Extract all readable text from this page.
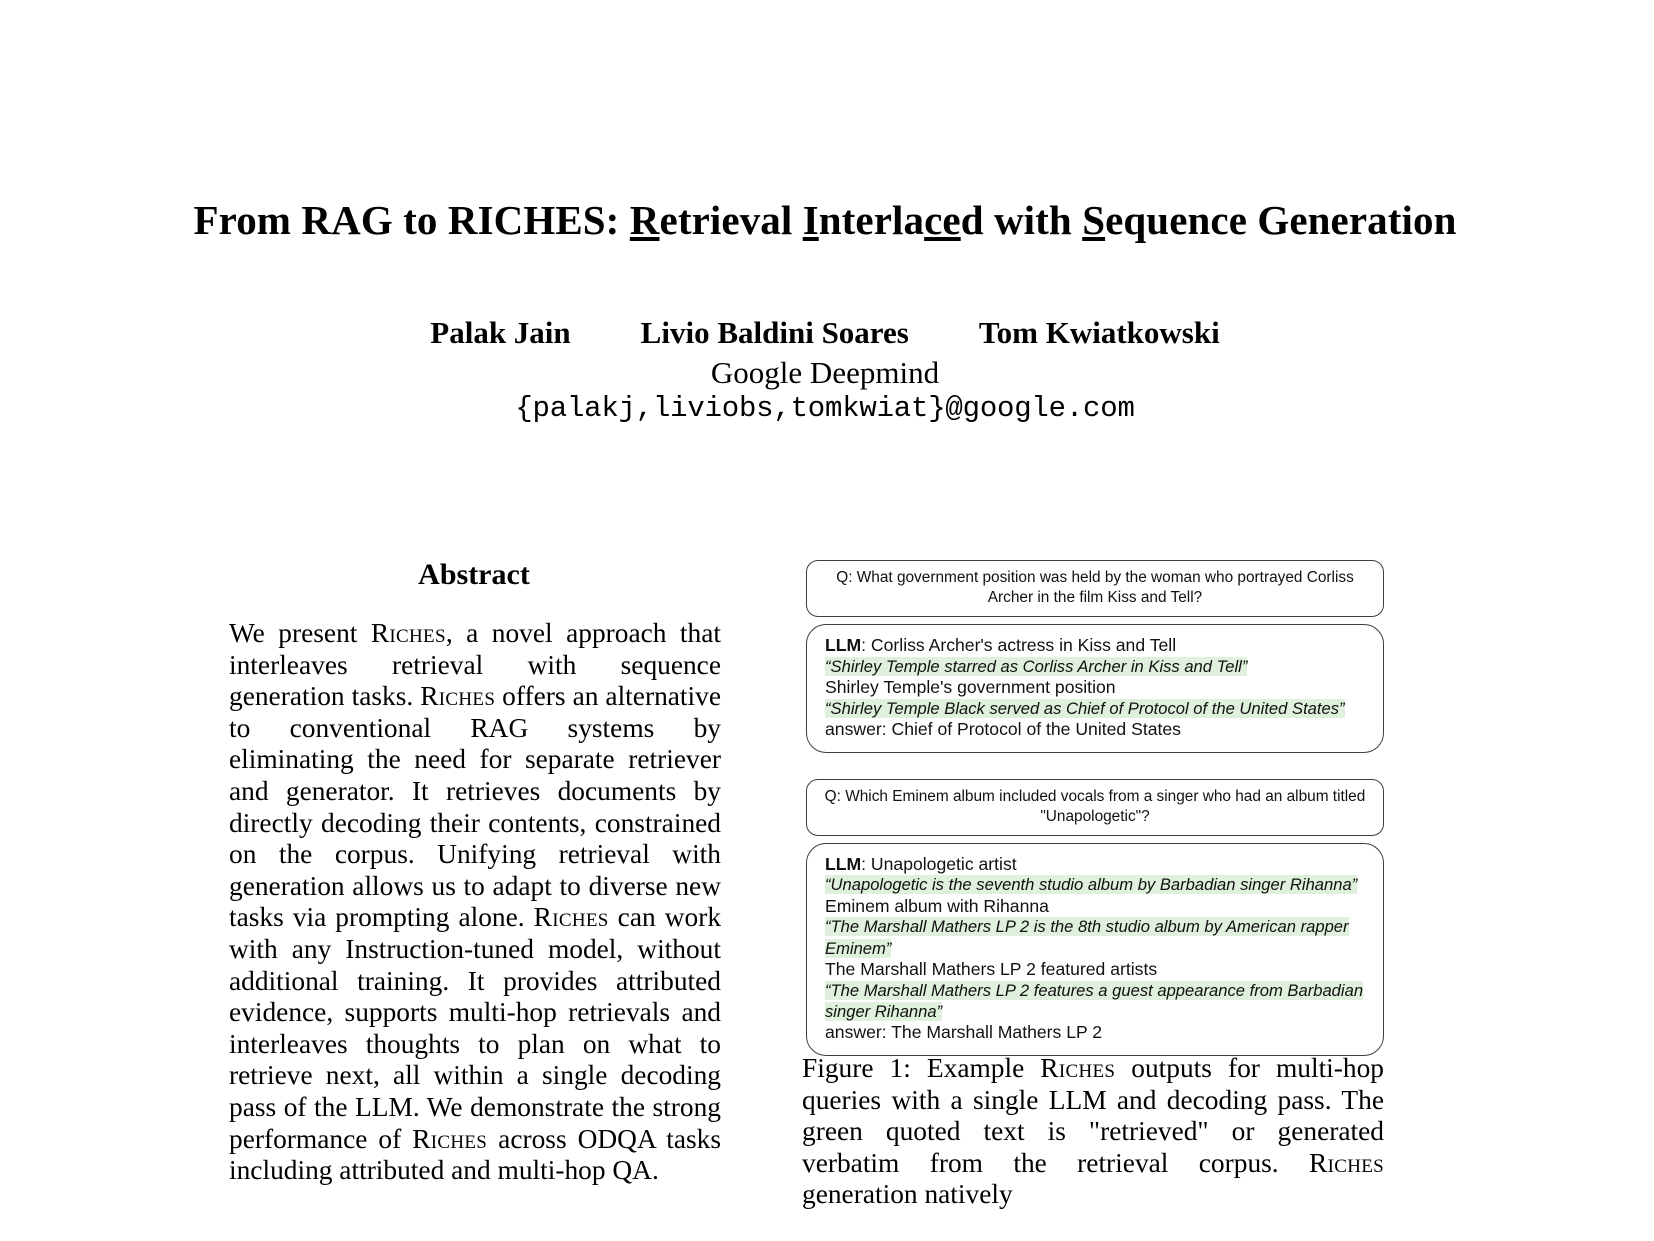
From RAG to RICHES: Retrieval Interlaced with Sequence Generation
Palak Jain Livio Baldini Soares Tom Kwiatkowski
Google Deepmind
{palakj,liviobs,tomkwiat}@google.com
Abstract
We present Riches, a novel approach that interleaves retrieval with sequence generation tasks. Riches offers an alternative to conventional RAG systems by eliminating the need for separate retriever and generator. It retrieves documents by directly decoding their contents, constrained on the corpus. Unifying retrieval with generation allows us to adapt to diverse new tasks via prompting alone. Riches can work with any Instruction-tuned model, without additional training. It provides attributed evidence, supports multi-hop retrievals and interleaves thoughts to plan on what to retrieve next, all within a single decoding pass of the LLM. We demonstrate the strong performance of Riches across ODQA tasks including attributed and multi-hop QA.
Q: What government position was held by the woman who portrayed Corliss Archer in the film Kiss and Tell?
LLM: Corliss Archer's actress in Kiss and Tell
“Shirley Temple starred as Corliss Archer in Kiss and Tell”
Shirley Temple's government position
“Shirley Temple Black served as Chief of Protocol of the United States”
answer: Chief of Protocol of the United States
Q: Which Eminem album included vocals from a singer who had an album titled "Unapologetic"?
LLM: Unapologetic artist
“Unapologetic is the seventh studio album by Barbadian singer Rihanna”
Eminem album with Rihanna
“The Marshall Mathers LP 2 is the 8th studio album by American rapper Eminem”
The Marshall Mathers LP 2 featured artists
“The Marshall Mathers LP 2 features a guest appearance from Barbadian singer Rihanna”
answer: The Marshall Mathers LP 2
Figure 1: Example Riches outputs for multi-hop queries with a single LLM and decoding pass. The green quoted text is "retrieved" or generated verbatim from the retrieval corpus. Riches generation natively
